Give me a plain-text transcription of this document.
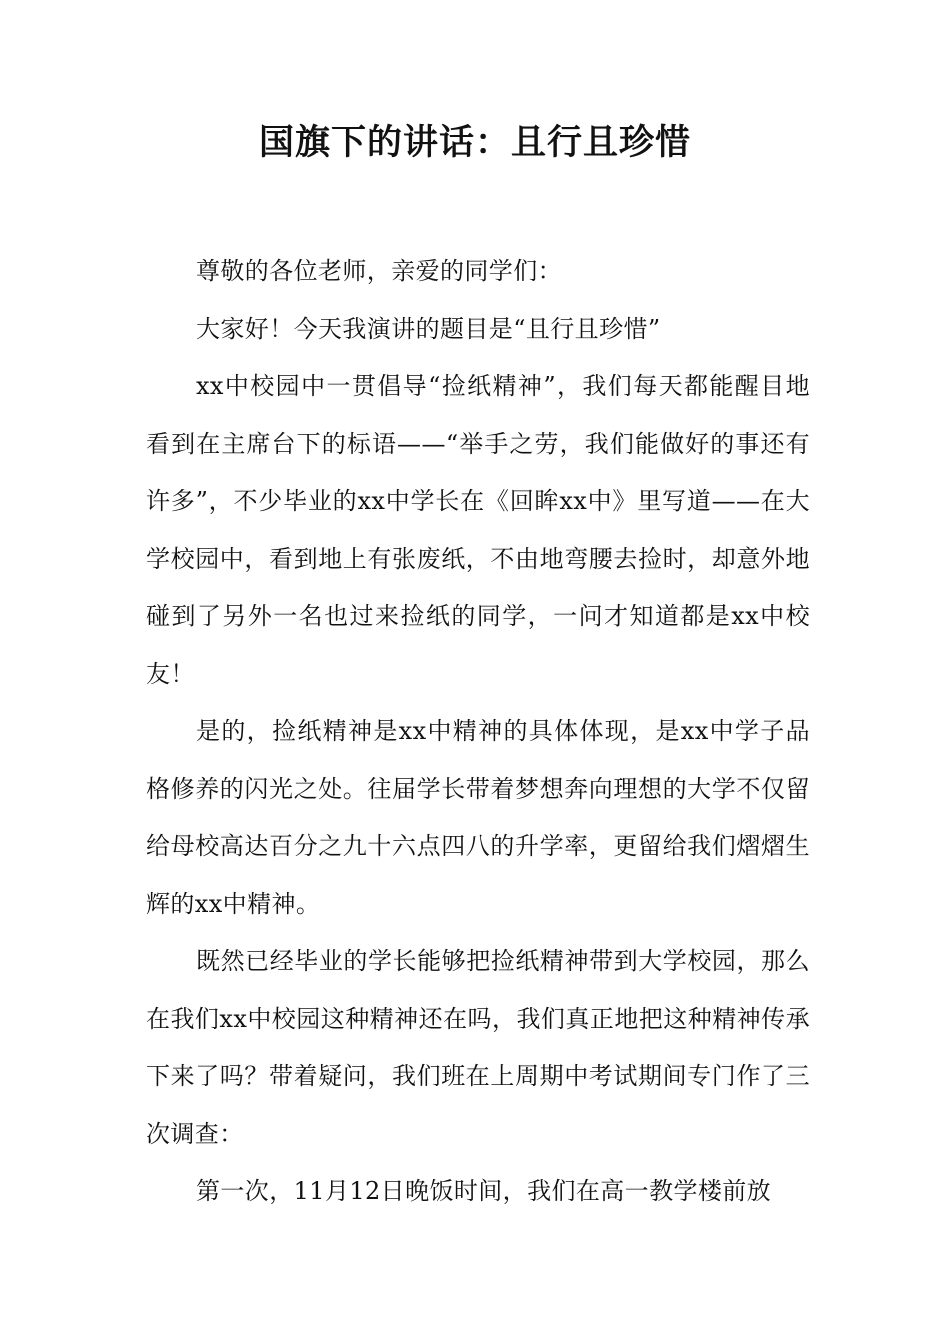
国旗下的讲话：且行且珍惜

尊敬的各位老师，亲爱的同学们：

大家好！今天我演讲的题目是“且行且珍惜”

xx中校园中一贯倡导“捡纸精神”，我们每天都能醒目地看到在主席台下的标语——“举手之劳，我们能做好的事还有许多”，不少毕业的xx中学长在《回眸xx中》里写道——在大学校园中，看到地上有张废纸，不由地弯腰去捡时，却意外地碰到了另外一名也过来捡纸的同学，一问才知道都是xx中校友！

是的，捡纸精神是xx中精神的具体体现，是xx中学子品格修养的闪光之处。往届学长带着梦想奔向理想的大学不仅留给母校高达百分之九十六点四八的升学率，更留给我们熠熠生辉的xx中精神。

既然已经毕业的学长能够把捡纸精神带到大学校园，那么在我们xx中校园这种精神还在吗，我们真正地把这种精神传承下来了吗？带着疑问，我们班在上周期中考试期间专门作了三次调查：

第一次，11月12日晚饭时间，我们在高一教学楼前放
